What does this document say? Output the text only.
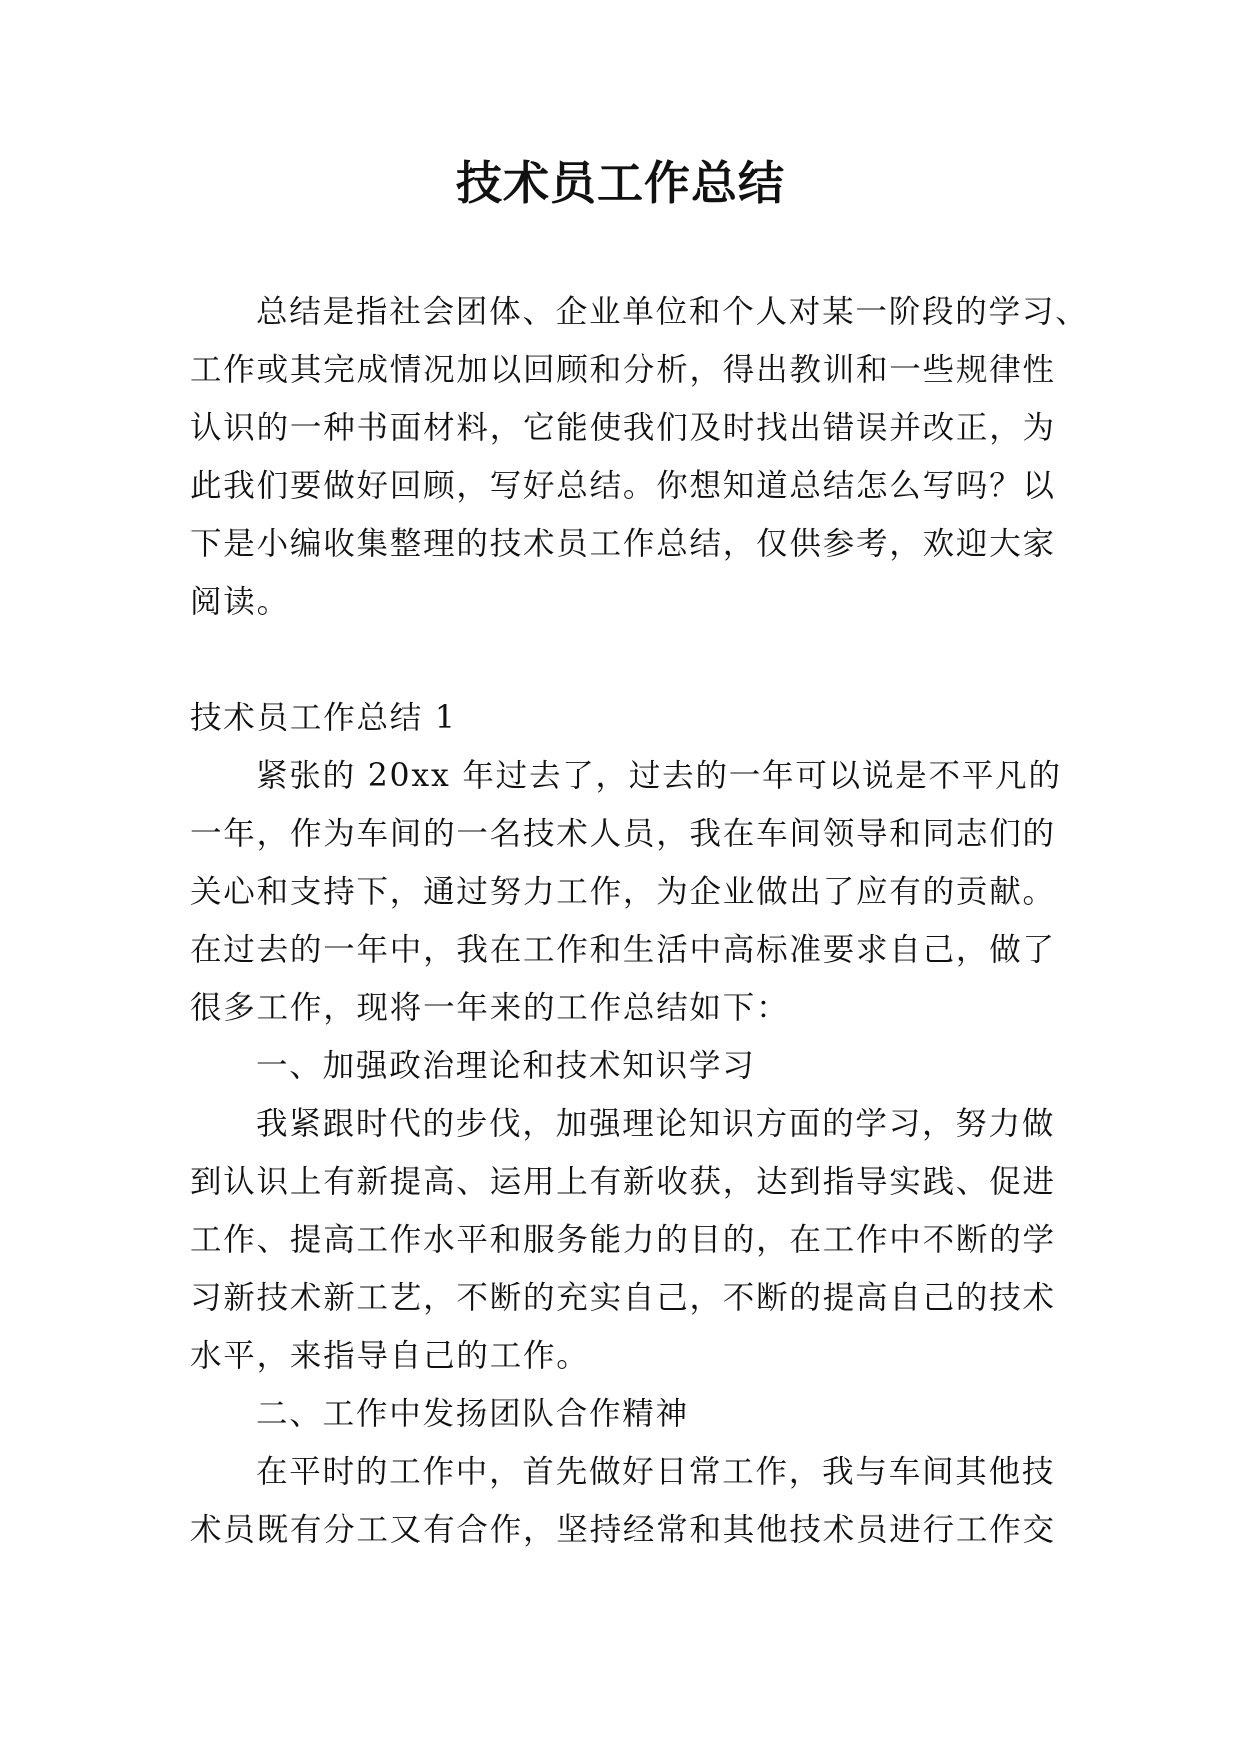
技术员工作总结
总结是指社会团体、企业单位和个人对某一阶段的学习、
工作或其完成情况加以回顾和分析，得出教训和一些规律性
认识的一种书面材料，它能使我们及时找出错误并改正，为
此我们要做好回顾，写好总结。你想知道总结怎么写吗？以
下是小编收集整理的技术员工作总结，仅供参考，欢迎大家
阅读。
技术员工作总结 1
紧张的 20xx 年过去了，过去的一年可以说是不平凡的
一年，作为车间的一名技术人员，我在车间领导和同志们的
关心和支持下，通过努力工作，为企业做出了应有的贡献。
在过去的一年中，我在工作和生活中高标准要求自己，做了
很多工作，现将一年来的工作总结如下：
一、加强政治理论和技术知识学习
我紧跟时代的步伐，加强理论知识方面的学习，努力做
到认识上有新提高、运用上有新收获，达到指导实践、促进
工作、提高工作水平和服务能力的目的，在工作中不断的学
习新技术新工艺，不断的充实自己，不断的提高自己的技术
水平，来指导自己的工作。
二、工作中发扬团队合作精神
在平时的工作中，首先做好日常工作，我与车间其他技
术员既有分工又有合作，坚持经常和其他技术员进行工作交
